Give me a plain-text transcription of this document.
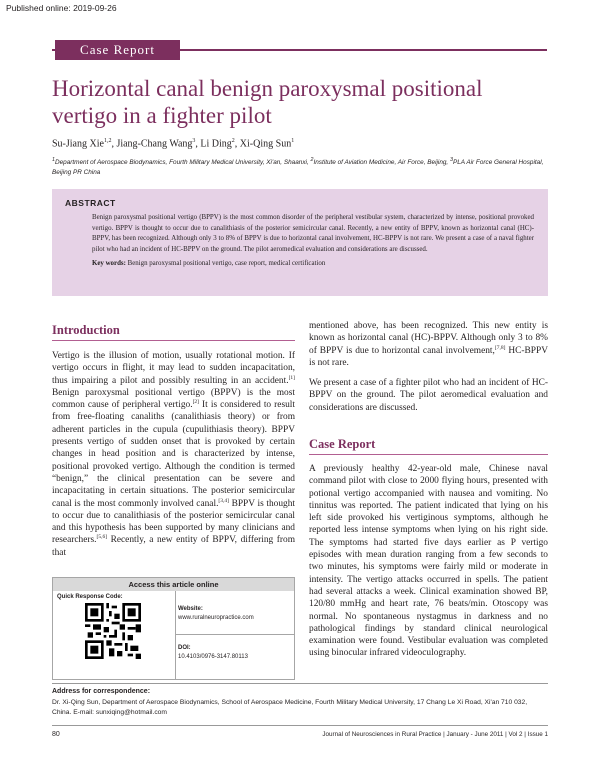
Published online: 2019-09-26
Case Report
Horizontal canal benign paroxysmal positional vertigo in a fighter pilot
Su-Jiang Xie$^{1,2}$, Jiang-Chang Wang$^3$, Li Ding$^2$, Xi-Qing Sun$^1$
$^1$Department of Aerospace Biodynamics, Fourth Military Medical University, Xi'an, Shaanxi, $^2$Institute of Aviation Medicine, Air Force, Beijing, $^3$PLA Air Force General Hospital, Beijing PR China
ABSTRACT
Benign paroxysmal positional vertigo (BPPV) is the most common disorder of the peripheral vestibular system, characterized by intense, positional provoked vertigo. BPPV is thought to occur due to canalithiasis of the posterior semicircular canal. Recently, a new entity of BPPV, known as horizontal canal (HC)-BPPV, has been recognized. Although only 3 to 8% of BPPV is due to horizontal canal involvement, HC-BPPV is not rare. We present a case of a naval fighter pilot who had an incident of HC-BPPV on the ground. The pilot aeromedical evaluation and considerations are discussed.
Key words: Benign paroxysmal positional vertigo, case report, medical certification
Introduction

Vertigo is the illusion of motion, usually rotational motion. If vertigo occurs in flight, it may lead to sudden incapacitation, thus impairing a pilot and possibly resulting in an accident.[1] Benign paroxysmal positional vertigo (BPPV) is the most common cause of peripheral vertigo.[2] It is considered to result from free-floating canaliths (canalithiasis theory) or from adherent particles in the cupula (cupulithiasis theory). BPPV presents vertigo of sudden onset that is provoked by certain changes in head position and is characterized by intense, positional provoked vertigo. Although the condition is termed “benign,” the clinical presentation can be severe and incapacitating in certain situations. The posterior semicircular canal is the most commonly involved canal.[3,4] BPPV is thought to occur due to canalithiasis of the posterior semicircular canal and this hypothesis has been supported by many clinicians and researchers.[5,6] Recently, a new entity of BPPV, differing from that

mentioned above, has been recognized. This new entity is known as horizontal canal (HC)-BPPV. Although only 3 to 8% of BPPV is due to horizontal canal involvement,[7,8] HC-BPPV is not rare.

We present a case of a fighter pilot who had an incident of HC-BPPV on the ground. The pilot aeromedical evaluation and considerations are discussed.

Case Report

A previously healthy 42-year-old male, Chinese naval command pilot with close to 2000 flying hours, presented with potional vertigo accompanied with nausea and vomiting. No tinnitus was reported. The patient indicated that lying on his left side provoked his vertiginous symptoms, although he reported less intense symptoms when lying on his right side. The symptoms had started five days earlier as P vertigo episodes with mean duration ranging from a few seconds to two minutes, his symptoms were fairly mild or moderate in intensity. The vertigo attacks occurred in spells. The patient had several attacks a week. Clinical examination showed BP, 120/80 mmHg and heart rate, 76 beats/min. Otoscopy was normal. No spontaneous nystagmus in darkness and no pathological findings by standard clinical neurological examination were found. Vestibular evaluation was completed using binocular infrared videoculography.

Access this article online
Quick Response Code:
Website:
www.ruralneuropractice.com
DOI:
10.4103/0976-3147.80113
Address for correspondence:
Dr. Xi-Qing Sun, Department of Aerospace Biodynamics, School of Aerospace Medicine, Fourth Military Medical University, 17 Chang Le Xi Road, Xi'an 710 032, China. E-mail: sunxiqing@hotmail.com
80	Journal of Neurosciences in Rural Practice | January - June 2011 | Vol 2 | Issue 1
